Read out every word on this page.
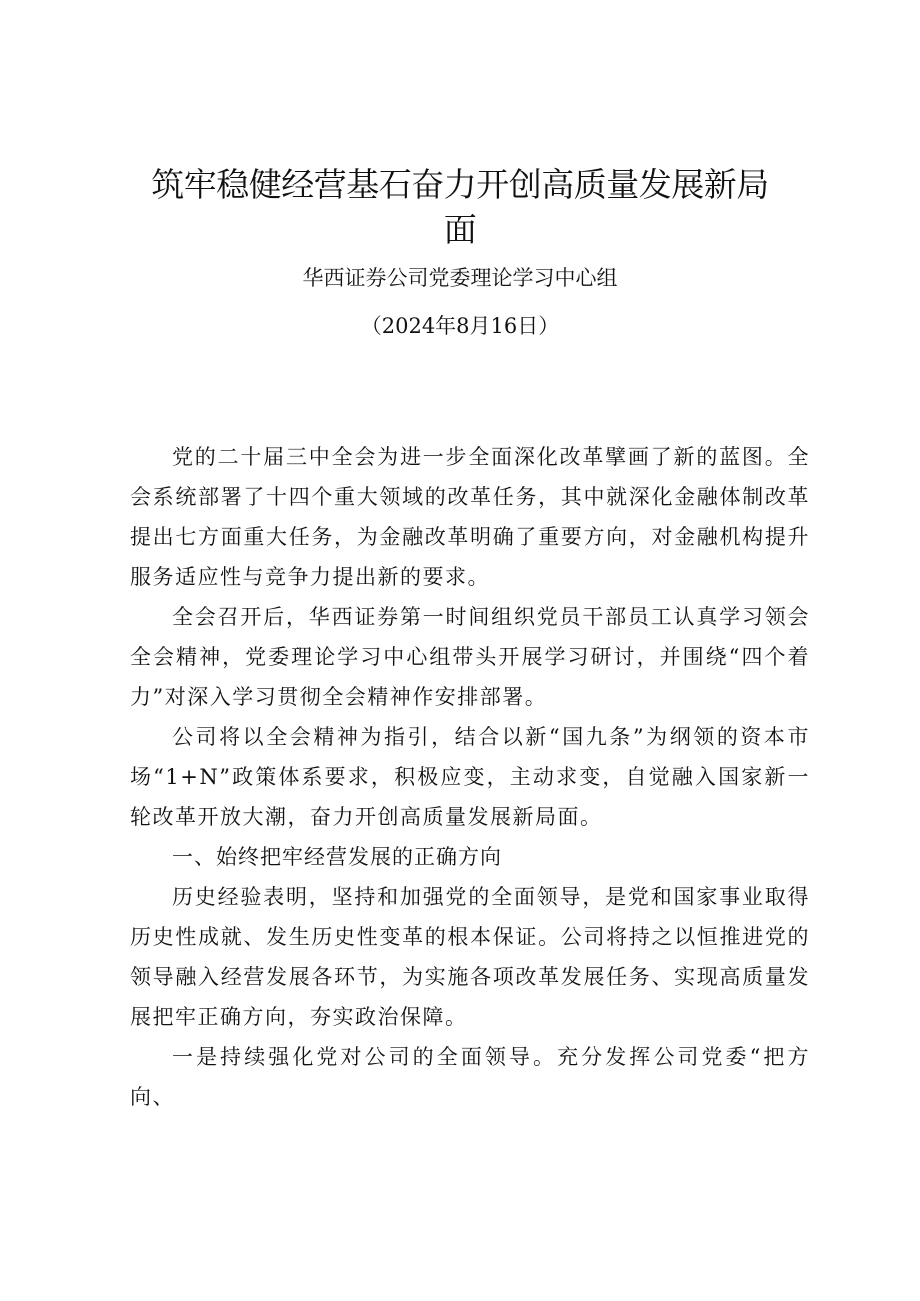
筑牢稳健经营基石奋力开创高质量发展新局
面
华西证券公司党委理论学习中心组
（2024年8月16日）

党的二十届三中全会为进一步全面深化改革擘画了新的蓝图。全会系统部署了十四个重大领域的改革任务，其中就深化金融体制改革提出七方面重大任务，为金融改革明确了重要方向，对金融机构提升服务适应性与竞争力提出新的要求。

全会召开后，华西证券第一时间组织党员干部员工认真学习领会全会精神，党委理论学习中心组带头开展学习研讨，并围绕“四个着力”对深入学习贯彻全会精神作安排部署。

公司将以全会精神为指引，结合以新“国九条”为纲领的资本市场“1+N”政策体系要求，积极应变，主动求变，自觉融入国家新一轮改革开放大潮，奋力开创高质量发展新局面。

一、始终把牢经营发展的正确方向

历史经验表明，坚持和加强党的全面领导，是党和国家事业取得历史性成就、发生历史性变革的根本保证。公司将持之以恒推进党的领导融入经营发展各环节，为实施各项改革发展任务、实现高质量发展把牢正确方向，夯实政治保障。

一是持续强化党对公司的全面领导。充分发挥公司党委“把方向、
